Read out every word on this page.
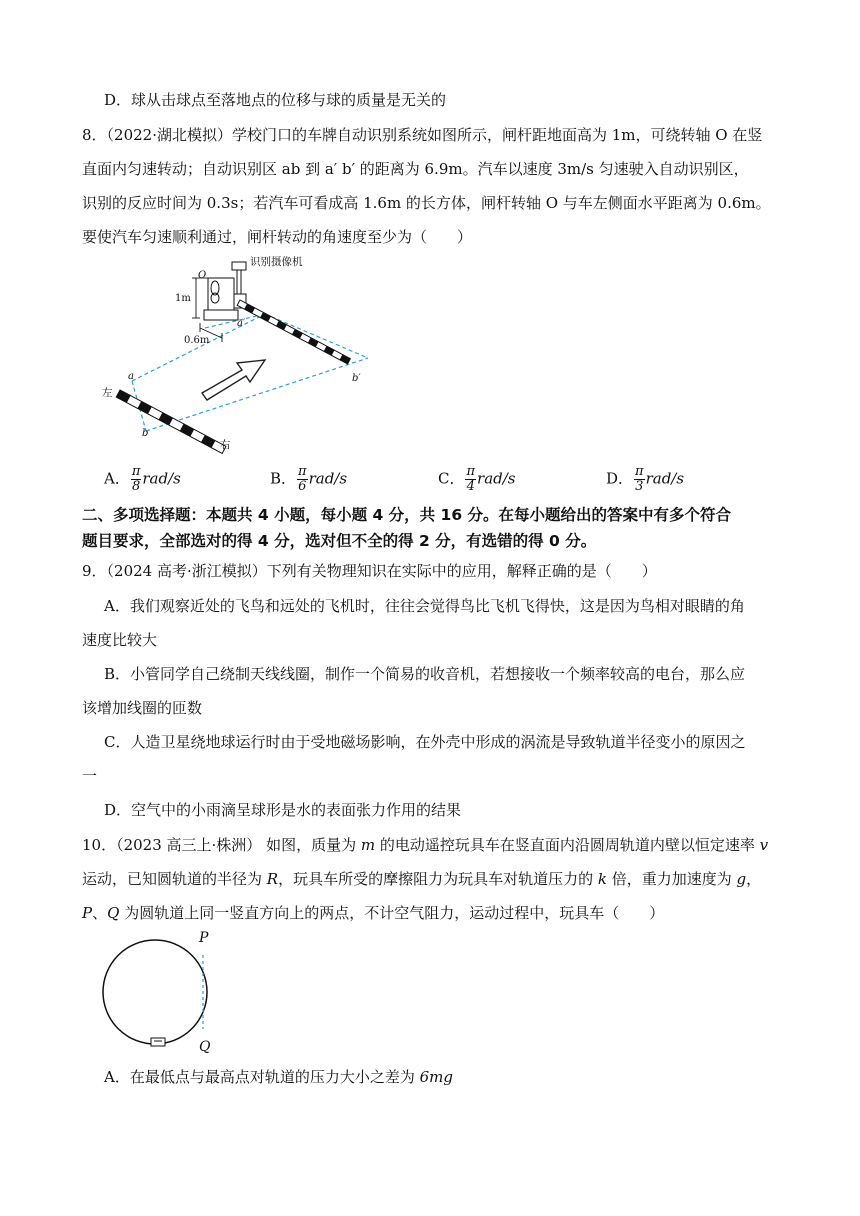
D．球从击球点至落地点的位移与球的质量是无关的
8．（2022·湖北模拟）学校门口的车牌自动识别系统如图所示，闸杆距地面高为 1m，可绕转轴 O 在竖
直面内匀速转动；自动识别区 ab 到 a′ b′ 的距离为 6.9m。汽车以速度 3m/s 匀速驶入自动识别区，
识别的反应时间为 0.3s；若汽车可看成高 1.6m 的长方体，闸杆转轴 O 与车左侧面水平距离为 0.6m。
要使汽车匀速顺利通过，闸杆转动的角速度至少为（　　）
识别摄像机
O
1m
0.6m
a′
b′
a
b
左
右
A． $\frac{\pi}{8} rad/s$	B． $\frac{\pi}{6} rad/s$	C． $\frac{\pi}{4} rad/s$	D． $\frac{\pi}{3} rad/s$
二、多项选择题：本题共 4 小题，每小题 4 分，共 16 分。在每小题给出的答案中有多个符合
题目要求，全部选对的得 4 分，选对但不全的得 2 分，有选错的得 0 分。
9．（2024 高考·浙江模拟）下列有关物理知识在实际中的应用，解释正确的是（　　）
A．我们观察近处的飞鸟和远处的飞机时，往往会觉得鸟比飞机飞得快，这是因为鸟相对眼睛的角
速度比较大
B．小管同学自己绕制天线线圈，制作一个简易的收音机，若想接收一个频率较高的电台，那么应
该增加线圈的匝数
C．人造卫星绕地球运行时由于受地磁场影响，在外壳中形成的涡流是导致轨道半径变小的原因之
一
D．空气中的小雨滴呈球形是水的表面张力作用的结果
10．（2023 高三上·株洲） 如图，质量为 m 的电动遥控玩具车在竖直面内沿圆周轨道内壁以恒定速率 v
运动，已知圆轨道的半径为 R，玩具车所受的摩擦阻力为玩具车对轨道压力的 k 倍，重力加速度为 g，
P、Q 为圆轨道上同一竖直方向上的两点，不计空气阻力，运动过程中，玩具车（　　）
P
Q
A．在最低点与最高点对轨道的压力大小之差为 6mg
